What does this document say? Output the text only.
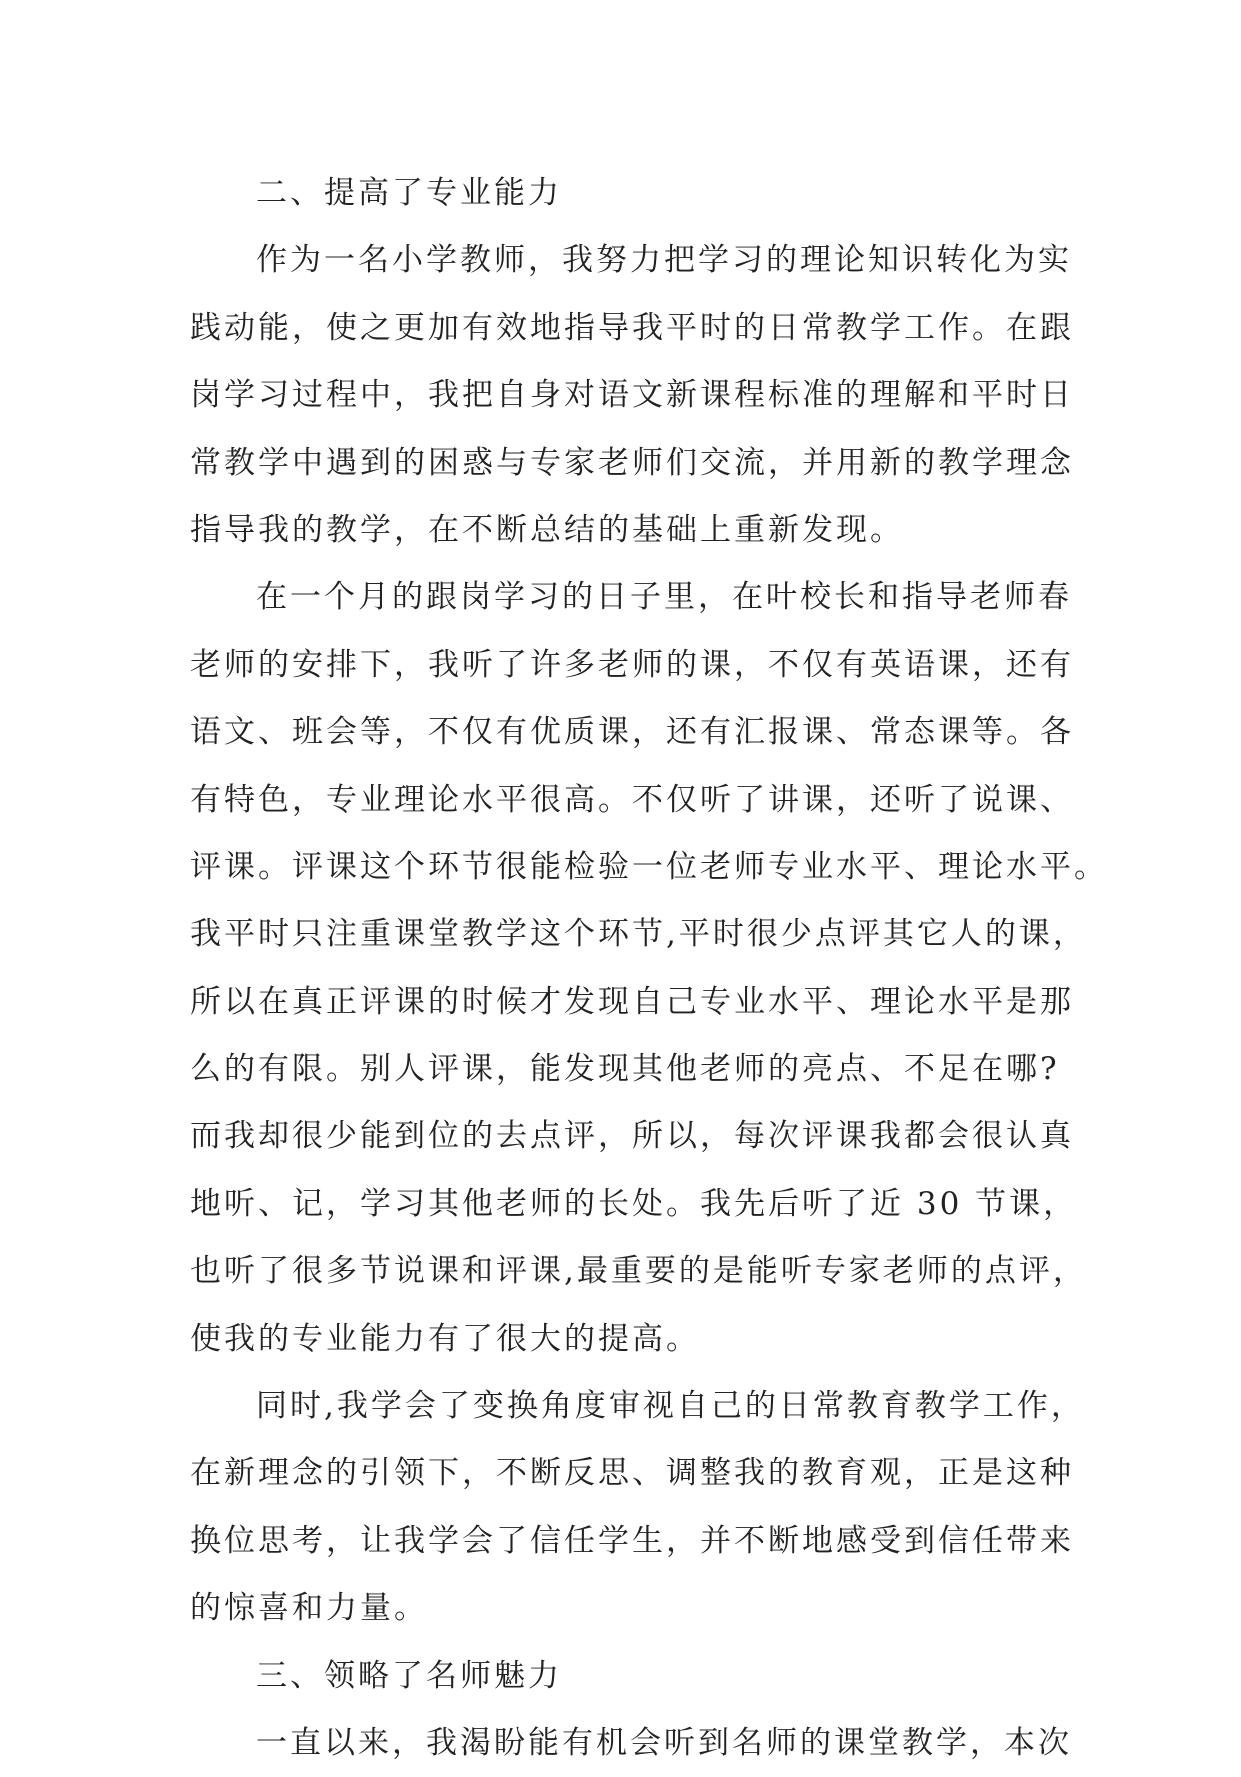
二、提高了专业能力
作为一名小学教师，我努力把学习的理论知识转化为实
践动能，使之更加有效地指导我平时的日常教学工作。在跟
岗学习过程中，我把自身对语文新课程标准的理解和平时日
常教学中遇到的困惑与专家老师们交流，并用新的教学理念
指导我的教学，在不断总结的基础上重新发现。
在一个月的跟岗学习的日子里，在叶校长和指导老师春
老师的安排下，我听了许多老师的课，不仅有英语课，还有
语文、班会等，不仅有优质课，还有汇报课、常态课等。各
有特色，专业理论水平很高。不仅听了讲课，还听了说课、
评课。评课这个环节很能检验一位老师专业水平、理论水平。
我平时只注重课堂教学这个环节,平时很少点评其它人的课，
所以在真正评课的时候才发现自己专业水平、理论水平是那
么的有限。别人评课，能发现其他老师的亮点、不足在哪?
而我却很少能到位的去点评，所以，每次评课我都会很认真
地听、记，学习其他老师的长处。我先后听了近 30 节课，
也听了很多节说课和评课,最重要的是能听专家老师的点评，
使我的专业能力有了很大的提高。
同时,我学会了变换角度审视自己的日常教育教学工作，
在新理念的引领下，不断反思、调整我的教育观，正是这种
换位思考，让我学会了信任学生，并不断地感受到信任带来
的惊喜和力量。
三、领略了名师魅力
一直以来，我渴盼能有机会听到名师的课堂教学，本次
